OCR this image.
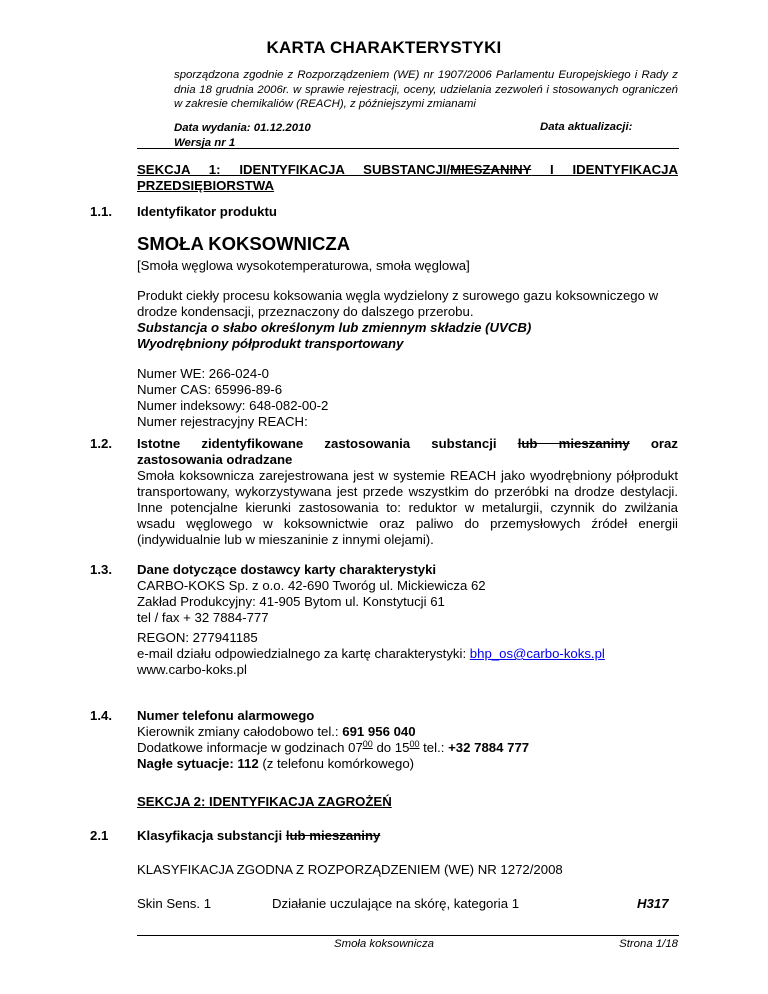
KARTA CHARAKTERYSTYKI
sporządzona zgodnie z Rozporządzeniem (WE) nr 1907/2006 Parlamentu Europejskiego i Rady z dnia 18 grudnia 2006r. w sprawie rejestracji, oceny, udzielania zezwoleń i stosowanych ograniczeń w zakresie chemikaliów (REACH), z późniejszymi zmianami
Data wydania: 01.12.2010
Wersja nr 1
Data aktualizacji:
SEKCJA 1: IDENTYFIKACJA SUBSTANCJI/MIESZANINY I IDENTYFIKACJA
PRZEDSIĘBIORSTWA
1.1. Identyfikator produktu
SMOŁA KOKSOWNICZA
[Smoła węglowa wysokotemperaturowa, smoła węglowa]
Produkt ciekły procesu koksowania węgla wydzielony z surowego gazu koksowniczego w drodze kondensacji, przeznaczony do dalszego przerobu.
Substancja o słabo określonym lub zmiennym składzie (UVCB)
Wyodrębniony półprodukt transportowany
Numer WE: 266-024-0
Numer CAS: 65996-89-6
Numer indeksowy: 648-082-00-2
Numer rejestracyjny REACH:
1.2. Istotne zidentyfikowane zastosowania substancji lub mieszaniny oraz
zastosowania odradzane
Smoła koksownicza zarejestrowana jest w systemie REACH jako wyodrębniony półprodukt transportowany, wykorzystywana jest przede wszystkim do przeróbki na drodze destylacji. Inne potencjalne kierunki zastosowania to: reduktor w metalurgii, czynnik do zwilżania wsadu węglowego w koksownictwie oraz paliwo do przemysłowych źródeł energii (indywidualnie lub w mieszaninie z innymi olejami).
1.3. Dane dotyczące dostawcy karty charakterystyki
CARBO-KOKS Sp. z o.o. 42-690 Tworóg ul. Mickiewicza 62
Zakład Produkcyjny: 41-905 Bytom ul. Konstytucji 61
tel / fax + 32 7884-777
REGON: 277941185
e-mail działu odpowiedzialnego za kartę charakterystyki: bhp_os@carbo-koks.pl
www.carbo-koks.pl
1.4. Numer telefonu alarmowego
Kierownik zmiany całodobowo tel.: 691 956 040
Dodatkowe informacje w godzinach $07^{00}$ do $15^{00}$ tel.: +32 7884 777
Nagłe sytuacje: 112 (z telefonu komórkowego)
SEKCJA 2: IDENTYFIKACJA ZAGROŻEŃ
2.1 Klasyfikacja substancji lub mieszaniny
KLASYFIKACJA ZGODNA Z ROZPORZĄDZENIEM (WE) NR 1272/2008
Skin Sens. 1	Działanie uczulające na skórę, kategoria 1	H317
Smoła koksownicza	Strona 1/18
